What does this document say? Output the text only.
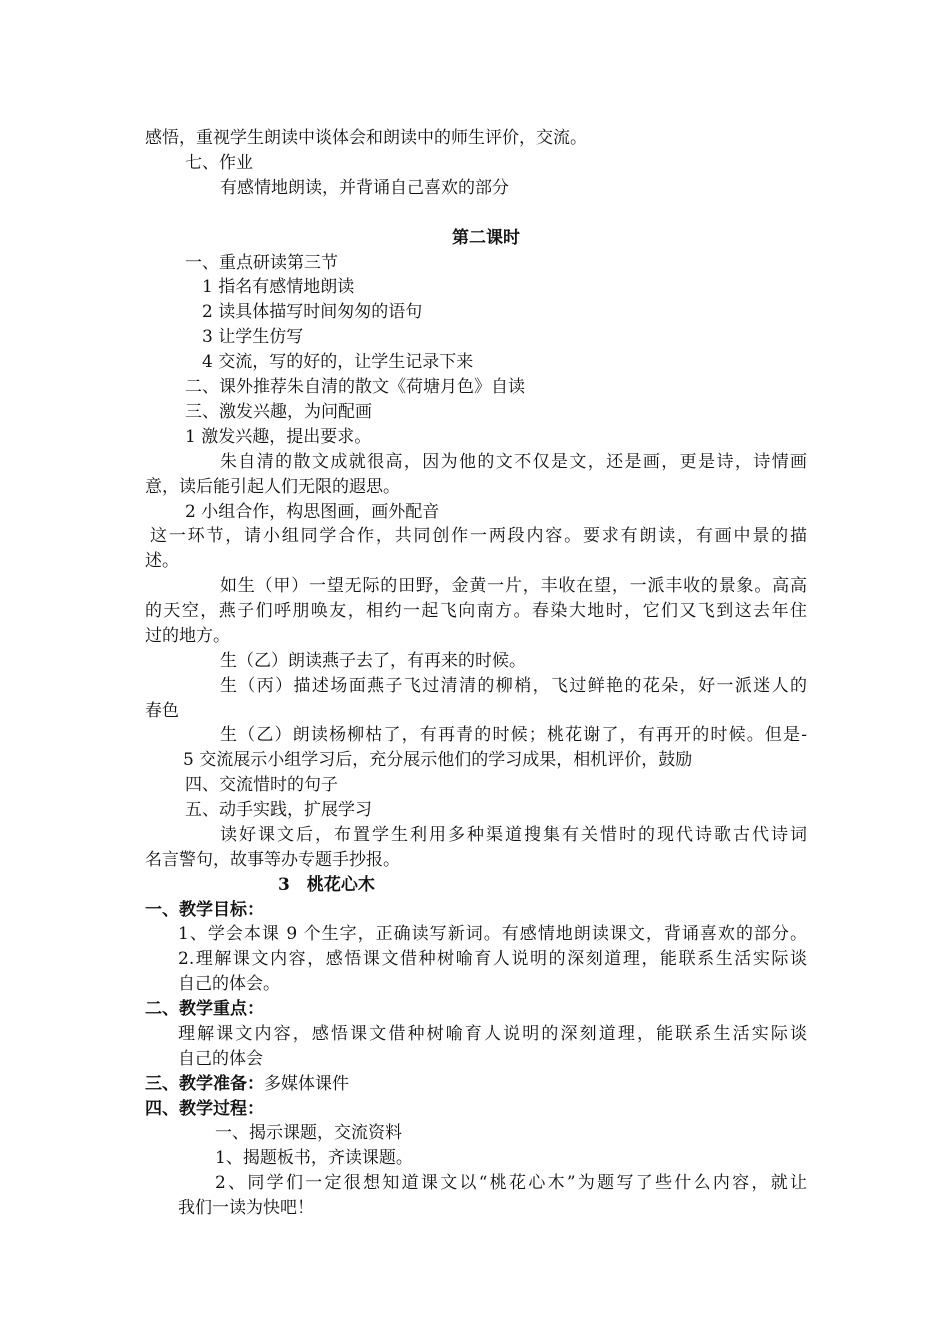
感悟，重视学生朗读中谈体会和朗读中的师生评价，交流。
七、作业
有感情地朗读，并背诵自己喜欢的部分
第二课时
一、重点研读第三节
1 指名有感情地朗读
2 读具体描写时间匆匆的语句
3 让学生仿写
4 交流，写的好的，让学生记录下来
二、课外推荐朱自清的散文《荷塘月色》自读
三、激发兴趣，为问配画
1 激发兴趣，提出要求。
朱自清的散文成就很高，因为他的文不仅是文，还是画，更是诗，诗情画
意，读后能引起人们无限的遐思。
2 小组合作，构思图画，画外配音
这一环节，请小组同学合作，共同创作一两段内容。要求有朗读，有画中景的描
述。
如生（甲）一望无际的田野，金黄一片，丰收在望，一派丰收的景象。高高
的天空，燕子们呼朋唤友，相约一起飞向南方。春染大地时，它们又飞到这去年住
过的地方。
生（乙）朗读燕子去了，有再来的时候。
生（丙）描述场面燕子飞过清清的柳梢，飞过鲜艳的花朵，好一派迷人的
春色
生（乙）朗读杨柳枯了，有再青的时候；桃花谢了，有再开的时候。但是-
5 交流展示小组学习后，充分展示他们的学习成果，相机评价，鼓励
四、交流惜时的句子
五、动手实践，扩展学习
读好课文后，布置学生利用多种渠道搜集有关惜时的现代诗歌古代诗词
名言警句，故事等办专题手抄报。
3　桃花心木
一、教学目标：
1、学会本课 9 个生字，正确读写新词。有感情地朗读课文，背诵喜欢的部分。
2.理解课文内容，感悟课文借种树喻育人说明的深刻道理，能联系生活实际谈
自己的体会。
二、教学重点：
理解课文内容，感悟课文借种树喻育人说明的深刻道理，能联系生活实际谈
自己的体会
三、教学准备：多媒体课件
四、教学过程：
一、揭示课题，交流资料
1、揭题板书，齐读课题。
2、同学们一定很想知道课文以“桃花心木”为题写了些什么内容，就让
我们一读为快吧！
